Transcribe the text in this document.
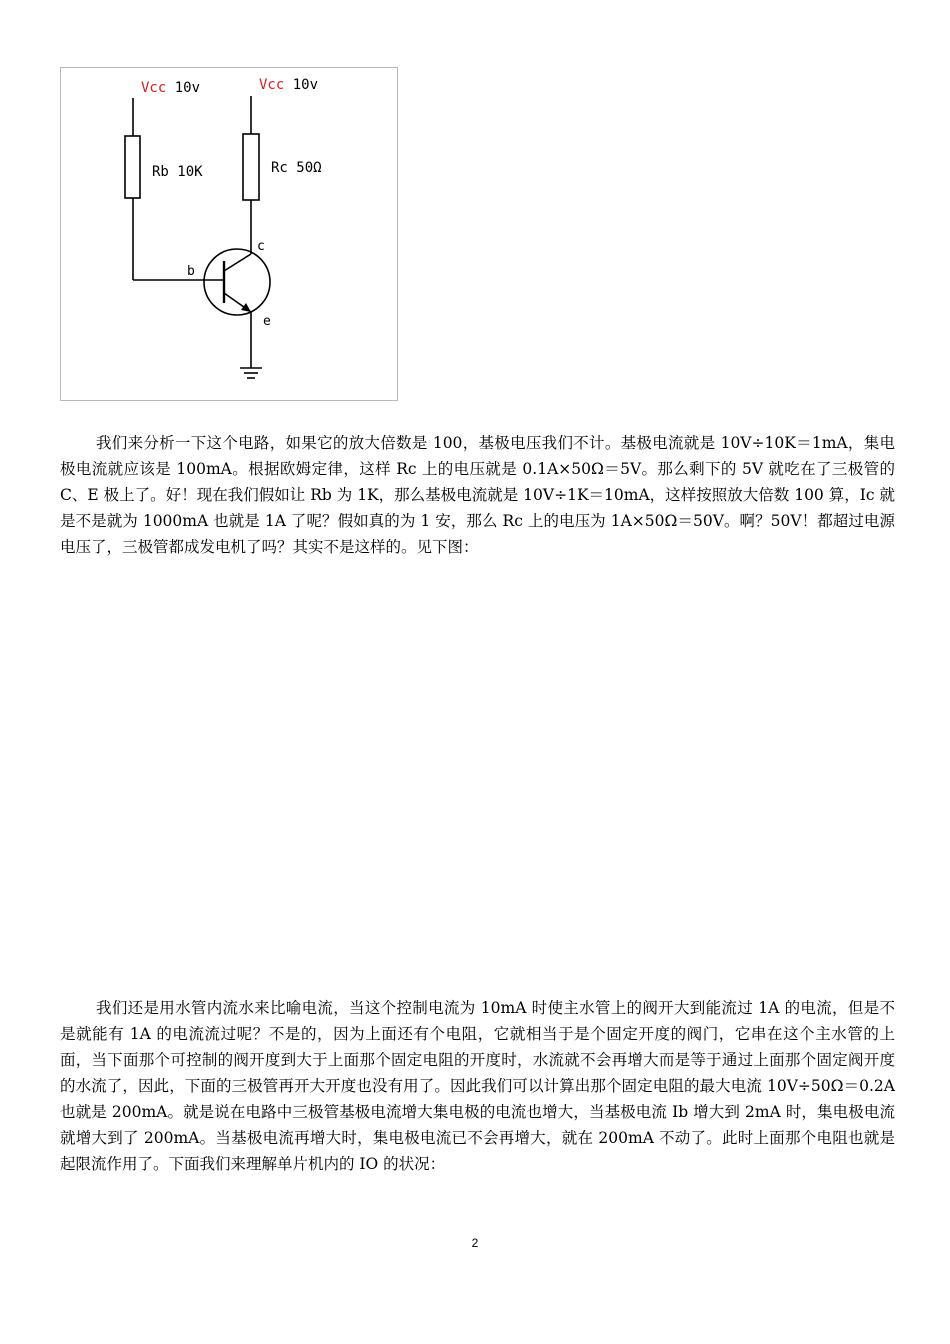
Vcc 10v	Vcc 10v
Rb 10K	Rc 50Ω
c
b
e

我们来分析一下这个电路，如果它的放大倍数是 100，基极电压我们不计。基极电流就是 10V÷10K＝1mA，集电极电流就应该是 100mA。根据欧姆定律，这样 Rc 上的电压就是 0.1A×50Ω＝5V。那么剩下的 5V 就吃在了三极管的 C、E 极上了。好！现在我们假如让 Rb 为 1K，那么基极电流就是 10V÷1K＝10mA，这样按照放大倍数 100 算，Ic 就是不是就为 1000mA 也就是 1A 了呢？假如真的为 1 安，那么 Rc 上的电压为 1A×50Ω＝50V。啊？50V！都超过电源电压了，三极管都成发电机了吗？其实不是这样的。见下图：

我们还是用水管内流水来比喻电流，当这个控制电流为 10mA 时使主水管上的阀开大到能流过 1A 的电流，但是不是就能有 1A 的电流流过呢？不是的，因为上面还有个电阻，它就相当于是个固定开度的阀门，它串在这个主水管的上面，当下面那个可控制的阀开度到大于上面那个固定电阻的开度时，水流就不会再增大而是等于通过上面那个固定阀开度的水流了，因此，下面的三极管再开大开度也没有用了。因此我们可以计算出那个固定电阻的最大电流 10V÷50Ω＝0.2A 也就是 200mA。就是说在电路中三极管基极电流增大集电极的电流也增大，当基极电流 Ib 增大到 2mA 时，集电极电流就增大到了 200mA。当基极电流再增大时，集电极电流已不会再增大，就在 200mA 不动了。此时上面那个电阻也就是起限流作用了。下面我们来理解单片机内的 IO 的状况：

2
